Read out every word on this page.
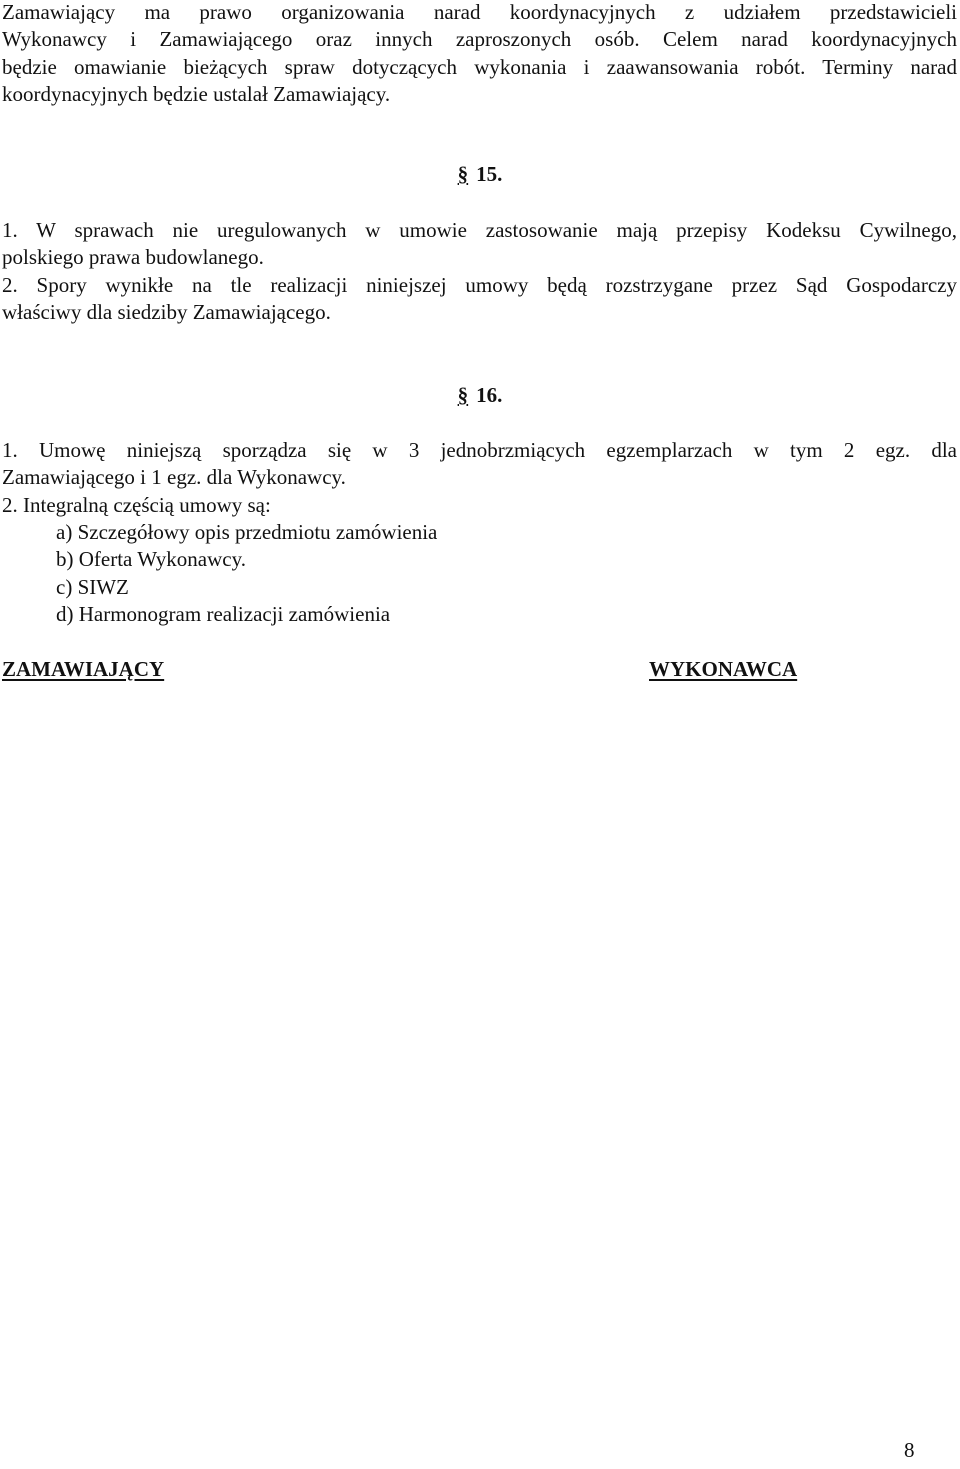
Zamawiający ma prawo organizowania narad koordynacyjnych z udziałem przedstawicieli
Wykonawcy i Zamawiającego oraz innych zaproszonych osób. Celem narad koordynacyjnych
będzie omawianie bieżących spraw dotyczących wykonania i zaawansowania robót. Terminy narad
koordynacyjnych będzie ustalał Zamawiający.

§ 15.

1. W sprawach nie uregulowanych w umowie zastosowanie mają przepisy Kodeksu Cywilnego,
polskiego prawa budowlanego.

2. Spory wynikłe na tle realizacji niniejszej umowy będą rozstrzygane przez Sąd Gospodarczy
właściwy dla siedziby Zamawiającego.

§ 16.

1. Umowę niniejszą sporządza się w 3 jednobrzmiących egzemplarzach w tym 2 egz. dla
Zamawiającego i 1 egz. dla Wykonawcy.

2. Integralną częścią umowy są:

a) Szczegółowy opis przedmiotu zamówienia
b) Oferta Wykonawcy.
c) SIWZ
d) Harmonogram realizacji zamówienia

ZAMAWIAJĄCY	WYKONAWCA

8
